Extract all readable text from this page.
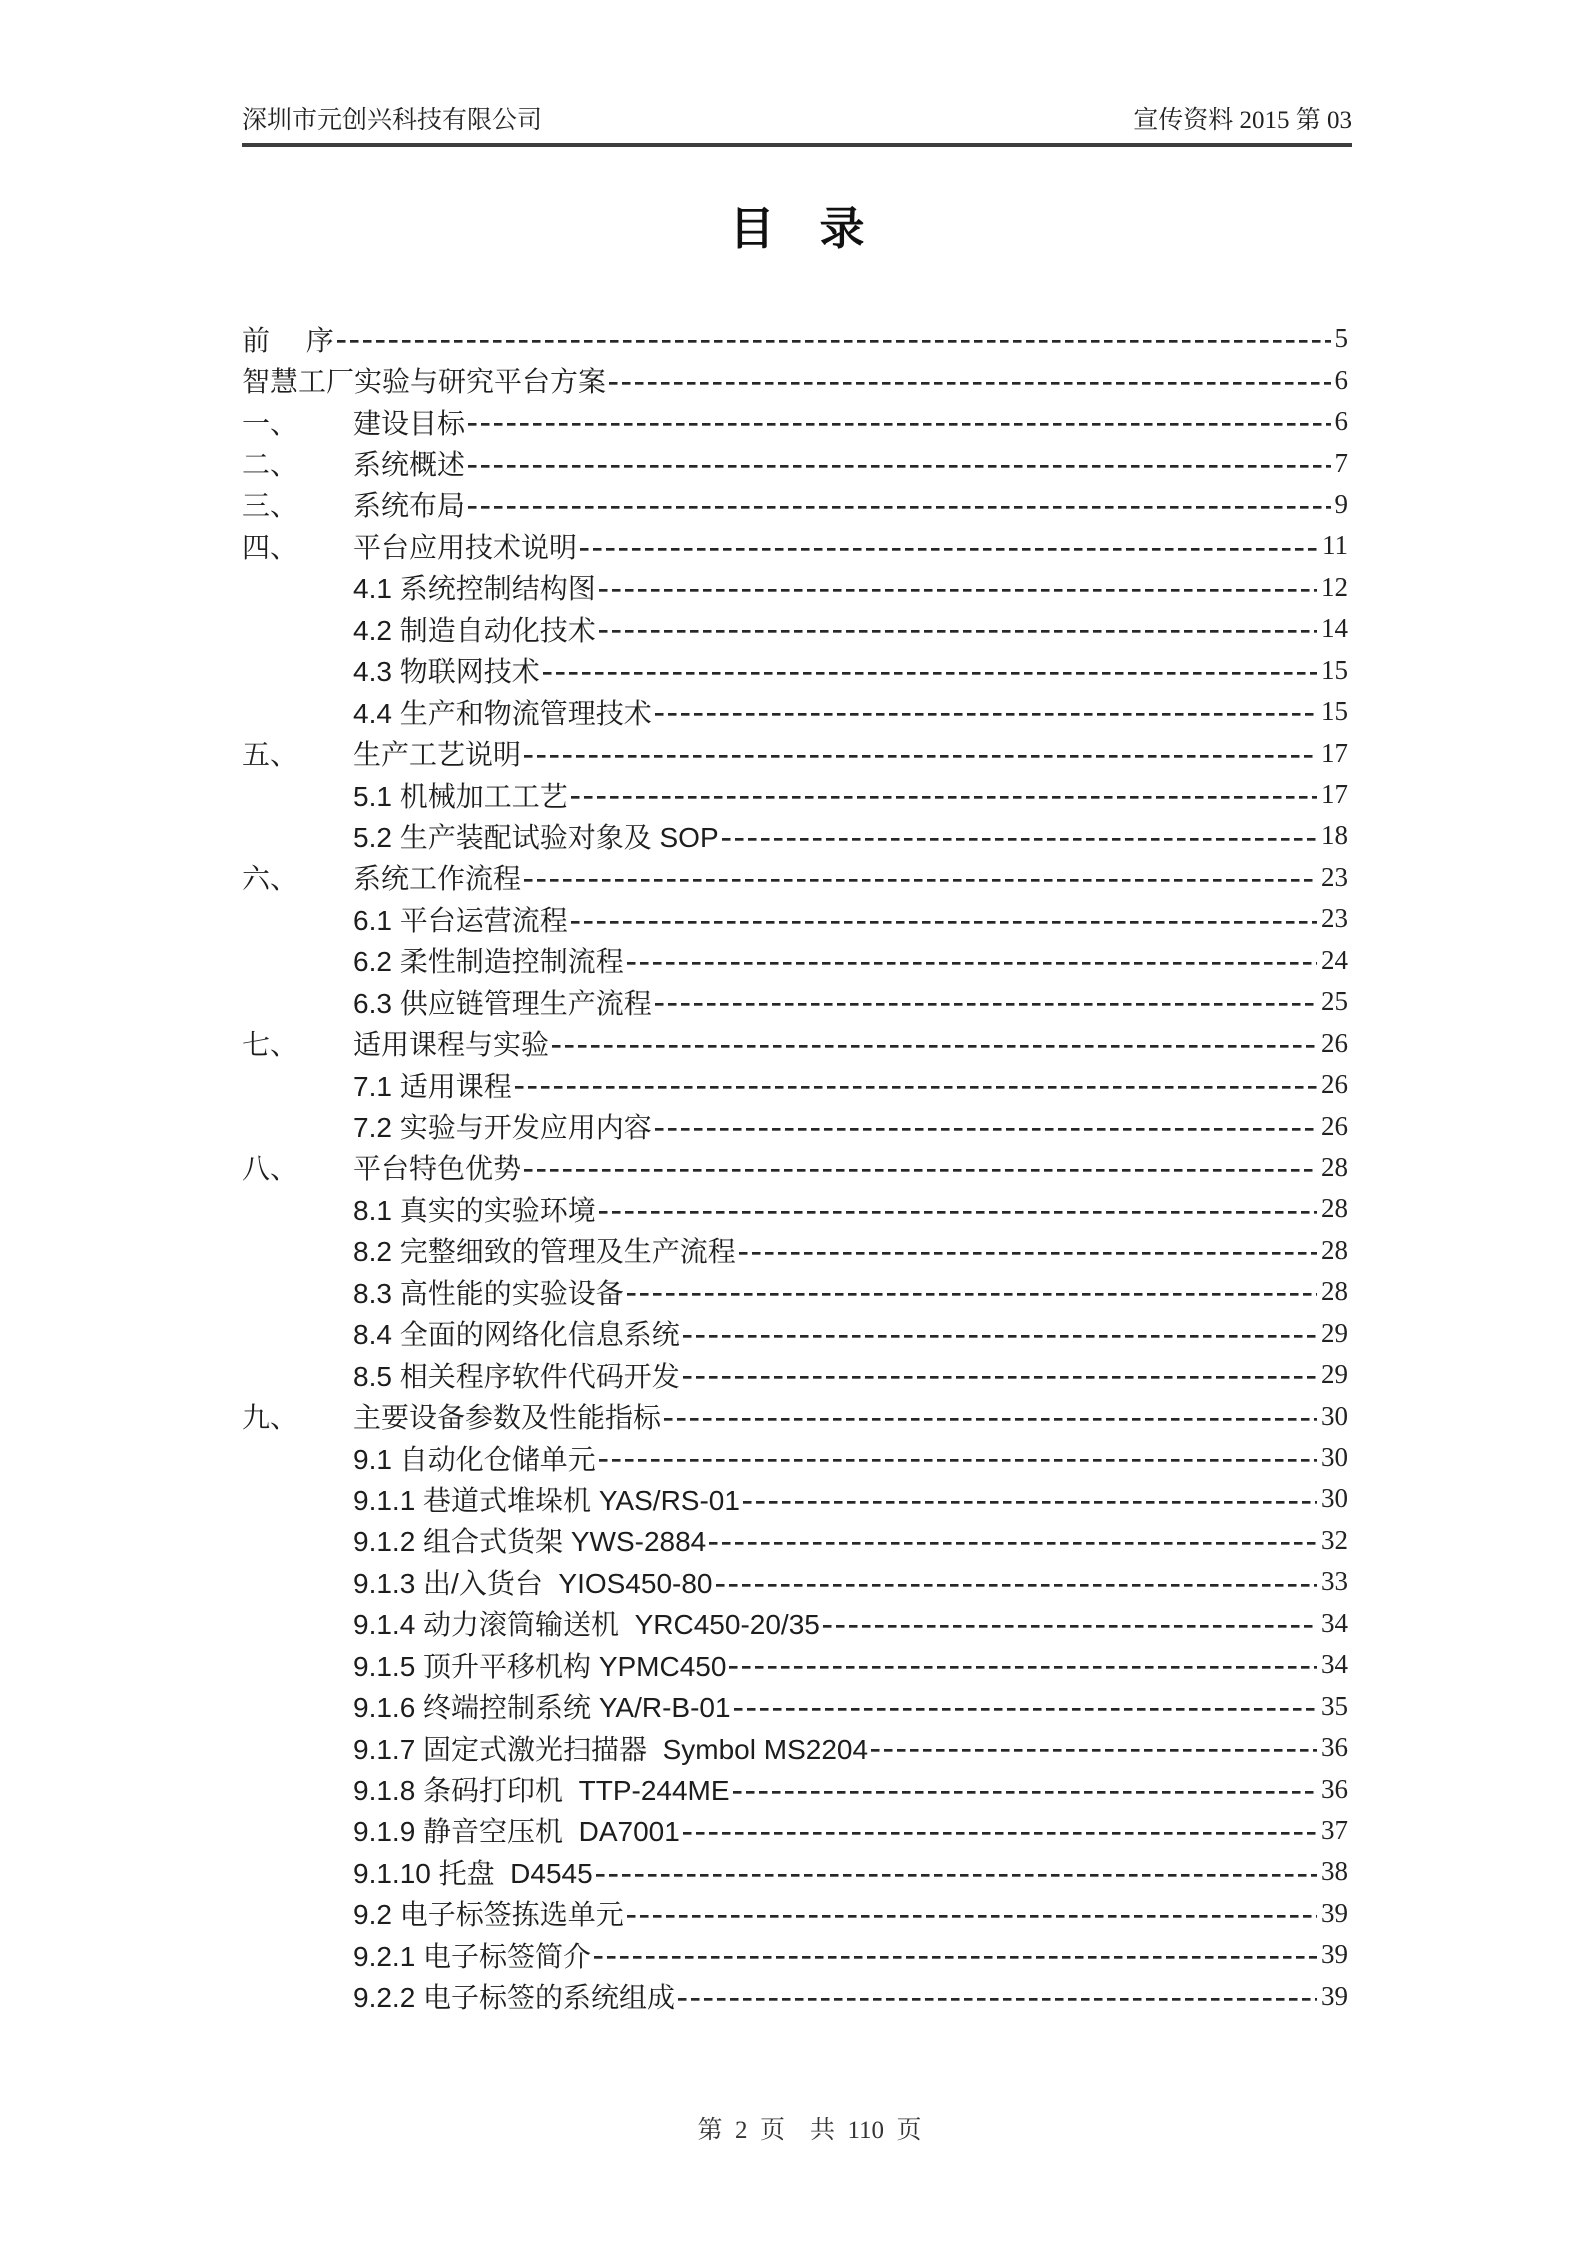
深圳市元创兴科技有限公司	宣传资料 2015 第 03
目　录
前　 序	5
智慧工厂实验与研究平台方案	6
一、	建设目标	6
二、	系统概述	7
三、	系统布局	9
四、	平台应用技术说明	11
4.1 系统控制结构图	12
4.2 制造自动化技术	14
4.3 物联网技术	15
4.4 生产和物流管理技术	15
五、	生产工艺说明	17
5.1 机械加工工艺	17
5.2 生产装配试验对象及 SOP	18
六、	系统工作流程	23
6.1 平台运营流程	23
6.2 柔性制造控制流程	24
6.3 供应链管理生产流程	25
七、	适用课程与实验	26
7.1 适用课程	26
7.2 实验与开发应用内容	26
八、	平台特色优势	28
8.1 真实的实验环境	28
8.2 完整细致的管理及生产流程	28
8.3 高性能的实验设备	28
8.4 全面的网络化信息系统	29
8.5 相关程序软件代码开发	29
九、	主要设备参数及性能指标	30
9.1 自动化仓储单元	30
9.1.1 巷道式堆垛机 YAS/RS-01	30
9.1.2 组合式货架 YWS-2884	32
9.1.3 出/入货台  YIOS450-80	33
9.1.4 动力滚筒输送机  YRC450-20/35	34
9.1.5 顶升平移机构 YPMC450	34
9.1.6 终端控制系统 YA/R-B-01	35
9.1.7 固定式激光扫描器  Symbol MS2204	36
9.1.8 条码打印机  TTP-244ME	36
9.1.9 静音空压机  DA7001	37
9.1.10 托盘  D4545	38
9.2 电子标签拣选单元	39
9.2.1 电子标签简介	39
9.2.2 电子标签的系统组成	39

第  2  页    共  110  页
